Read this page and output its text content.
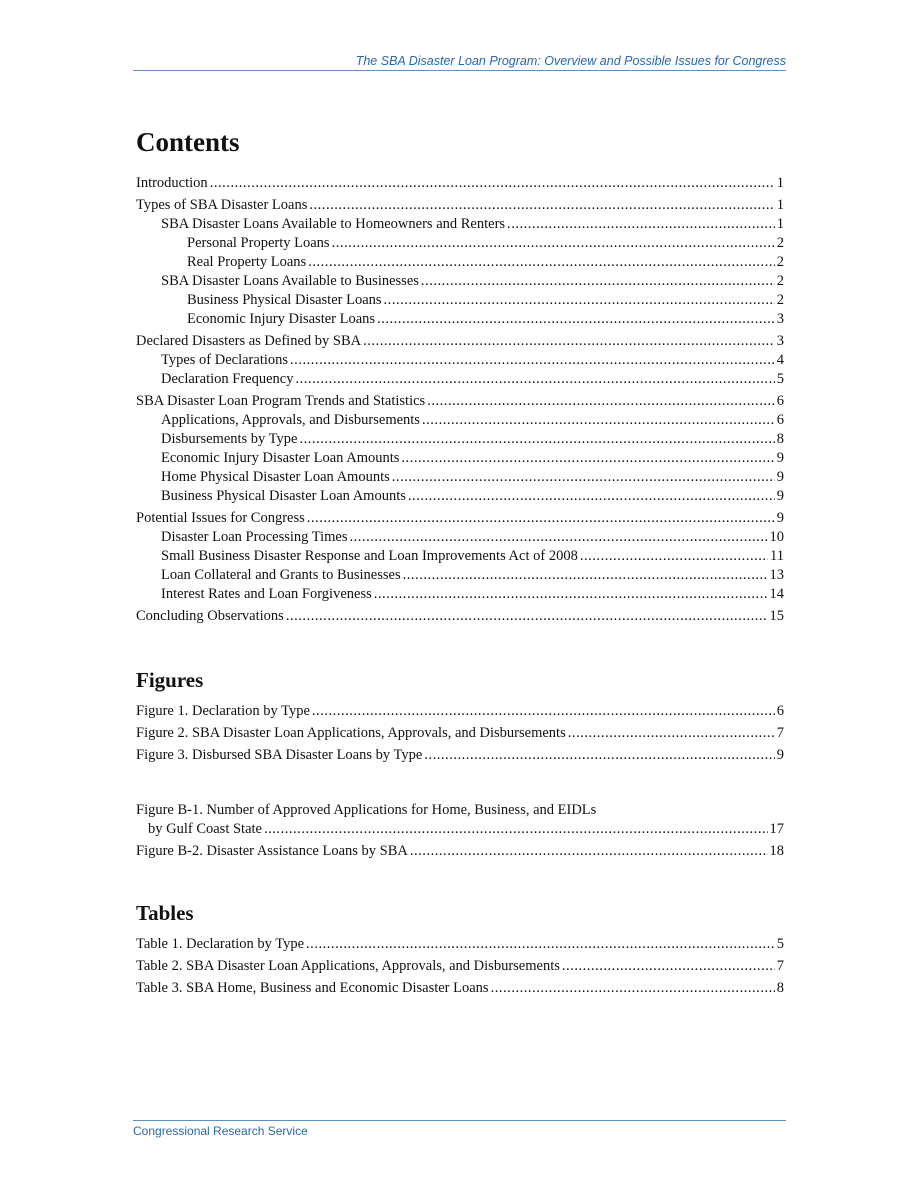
The SBA Disaster Loan Program: Overview and Possible Issues for Congress
Contents
Introduction . . .	1
Types of SBA Disaster Loans . . .	1
SBA Disaster Loans Available to Homeowners and Renters . . .	1
Personal Property Loans . . .	2
Real Property Loans . . .	2
SBA Disaster Loans Available to Businesses . . .	2
Business Physical Disaster Loans . . .	2
Economic Injury Disaster Loans . . .	3
Declared Disasters as Defined by SBA . . .	3
Types of Declarations . . .	4
Declaration Frequency . . .	5
SBA Disaster Loan Program Trends and Statistics . . .	6
Applications, Approvals, and Disbursements . . .	6
Disbursements by Type . . .	8
Economic Injury Disaster Loan Amounts . . .	9
Home Physical Disaster Loan Amounts . . .	9
Business Physical Disaster Loan Amounts . . .	9
Potential Issues for Congress . . .	9
Disaster Loan Processing Times . . .	10
Small Business Disaster Response and Loan Improvements Act of 2008 . . .	11
Loan Collateral and Grants to Businesses . . .	13
Interest Rates and Loan Forgiveness . . .	14
Concluding Observations . . .	15
Figures
Figure 1. Declaration by Type . . .	6
Figure 2. SBA Disaster Loan Applications, Approvals, and Disbursements . . .	7
Figure 3. Disbursed SBA Disaster Loans by Type . . .	9
Figure B-1. Number of Approved Applications for Home, Business, and EIDLs
by Gulf Coast State . . .	17
Figure B-2. Disaster Assistance Loans by SBA . . .	18
Tables
Table 1. Declaration by Type . . .	5
Table 2. SBA Disaster Loan Applications, Approvals, and Disbursements . . .	7
Table 3. SBA Home, Business and Economic Disaster Loans . . .	8
Congressional Research Service
